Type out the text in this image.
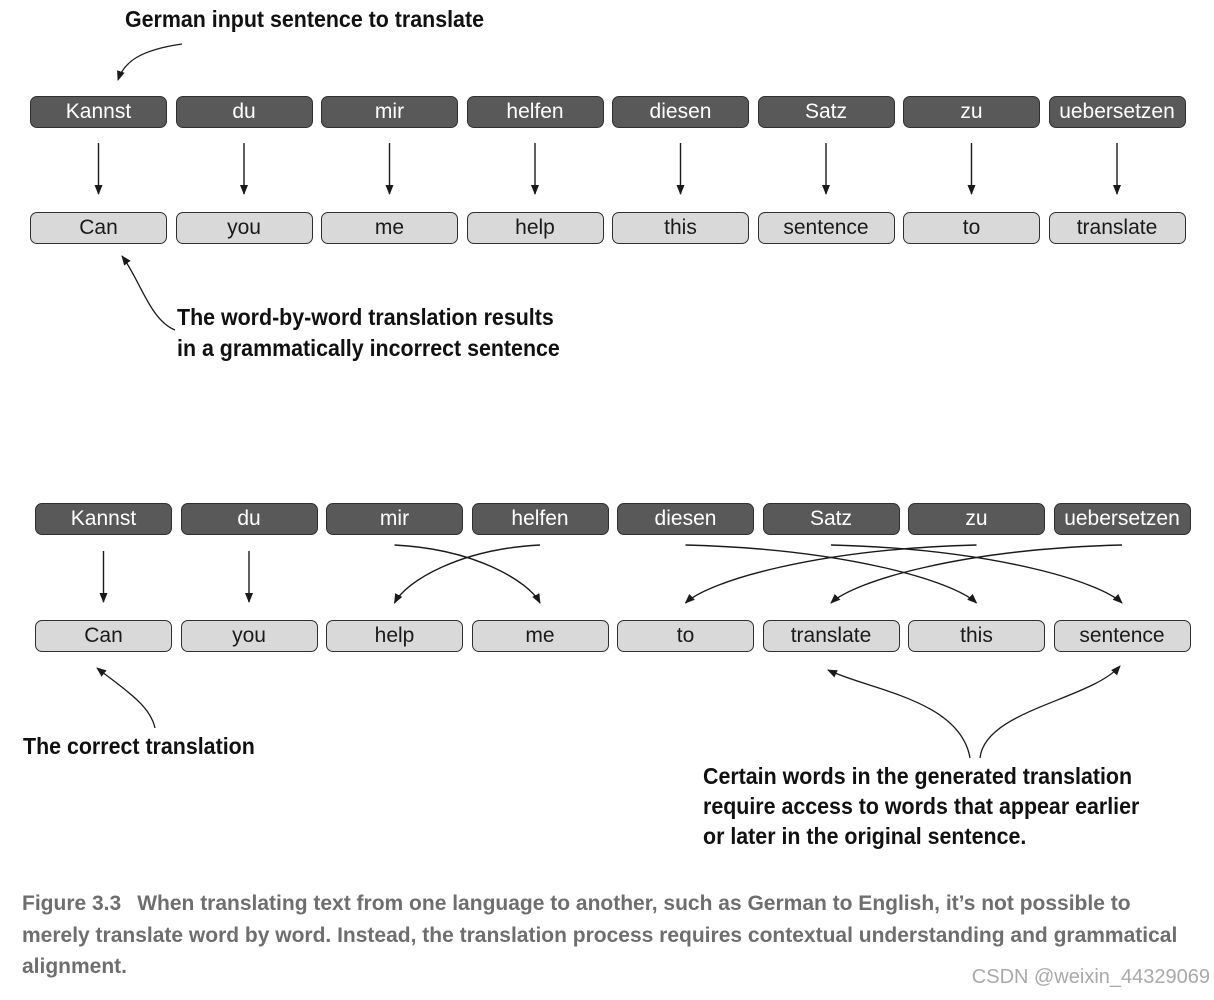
Kannst	du	mir	helfen	diesen	Satz	zu	uebersetzen
Can	you	me	help	this	sentence	to	translate
Kannst	du	mir	helfen	diesen	Satz	zu	uebersetzen
Can	you	help	me	to	translate	this	sentence
German input sentence to translate
The word-by-word translation results
in a grammatically incorrect sentence
The correct translation
Certain words in the generated translation
require access to words that appear earlier
or later in the original sentence.
Figure 3.3 When translating text from one language to another, such as German to English, it’s not possible to merely translate word by word. Instead, the translation process requires contextual understanding and grammatical alignment.	CSDN @weixin_44329069
